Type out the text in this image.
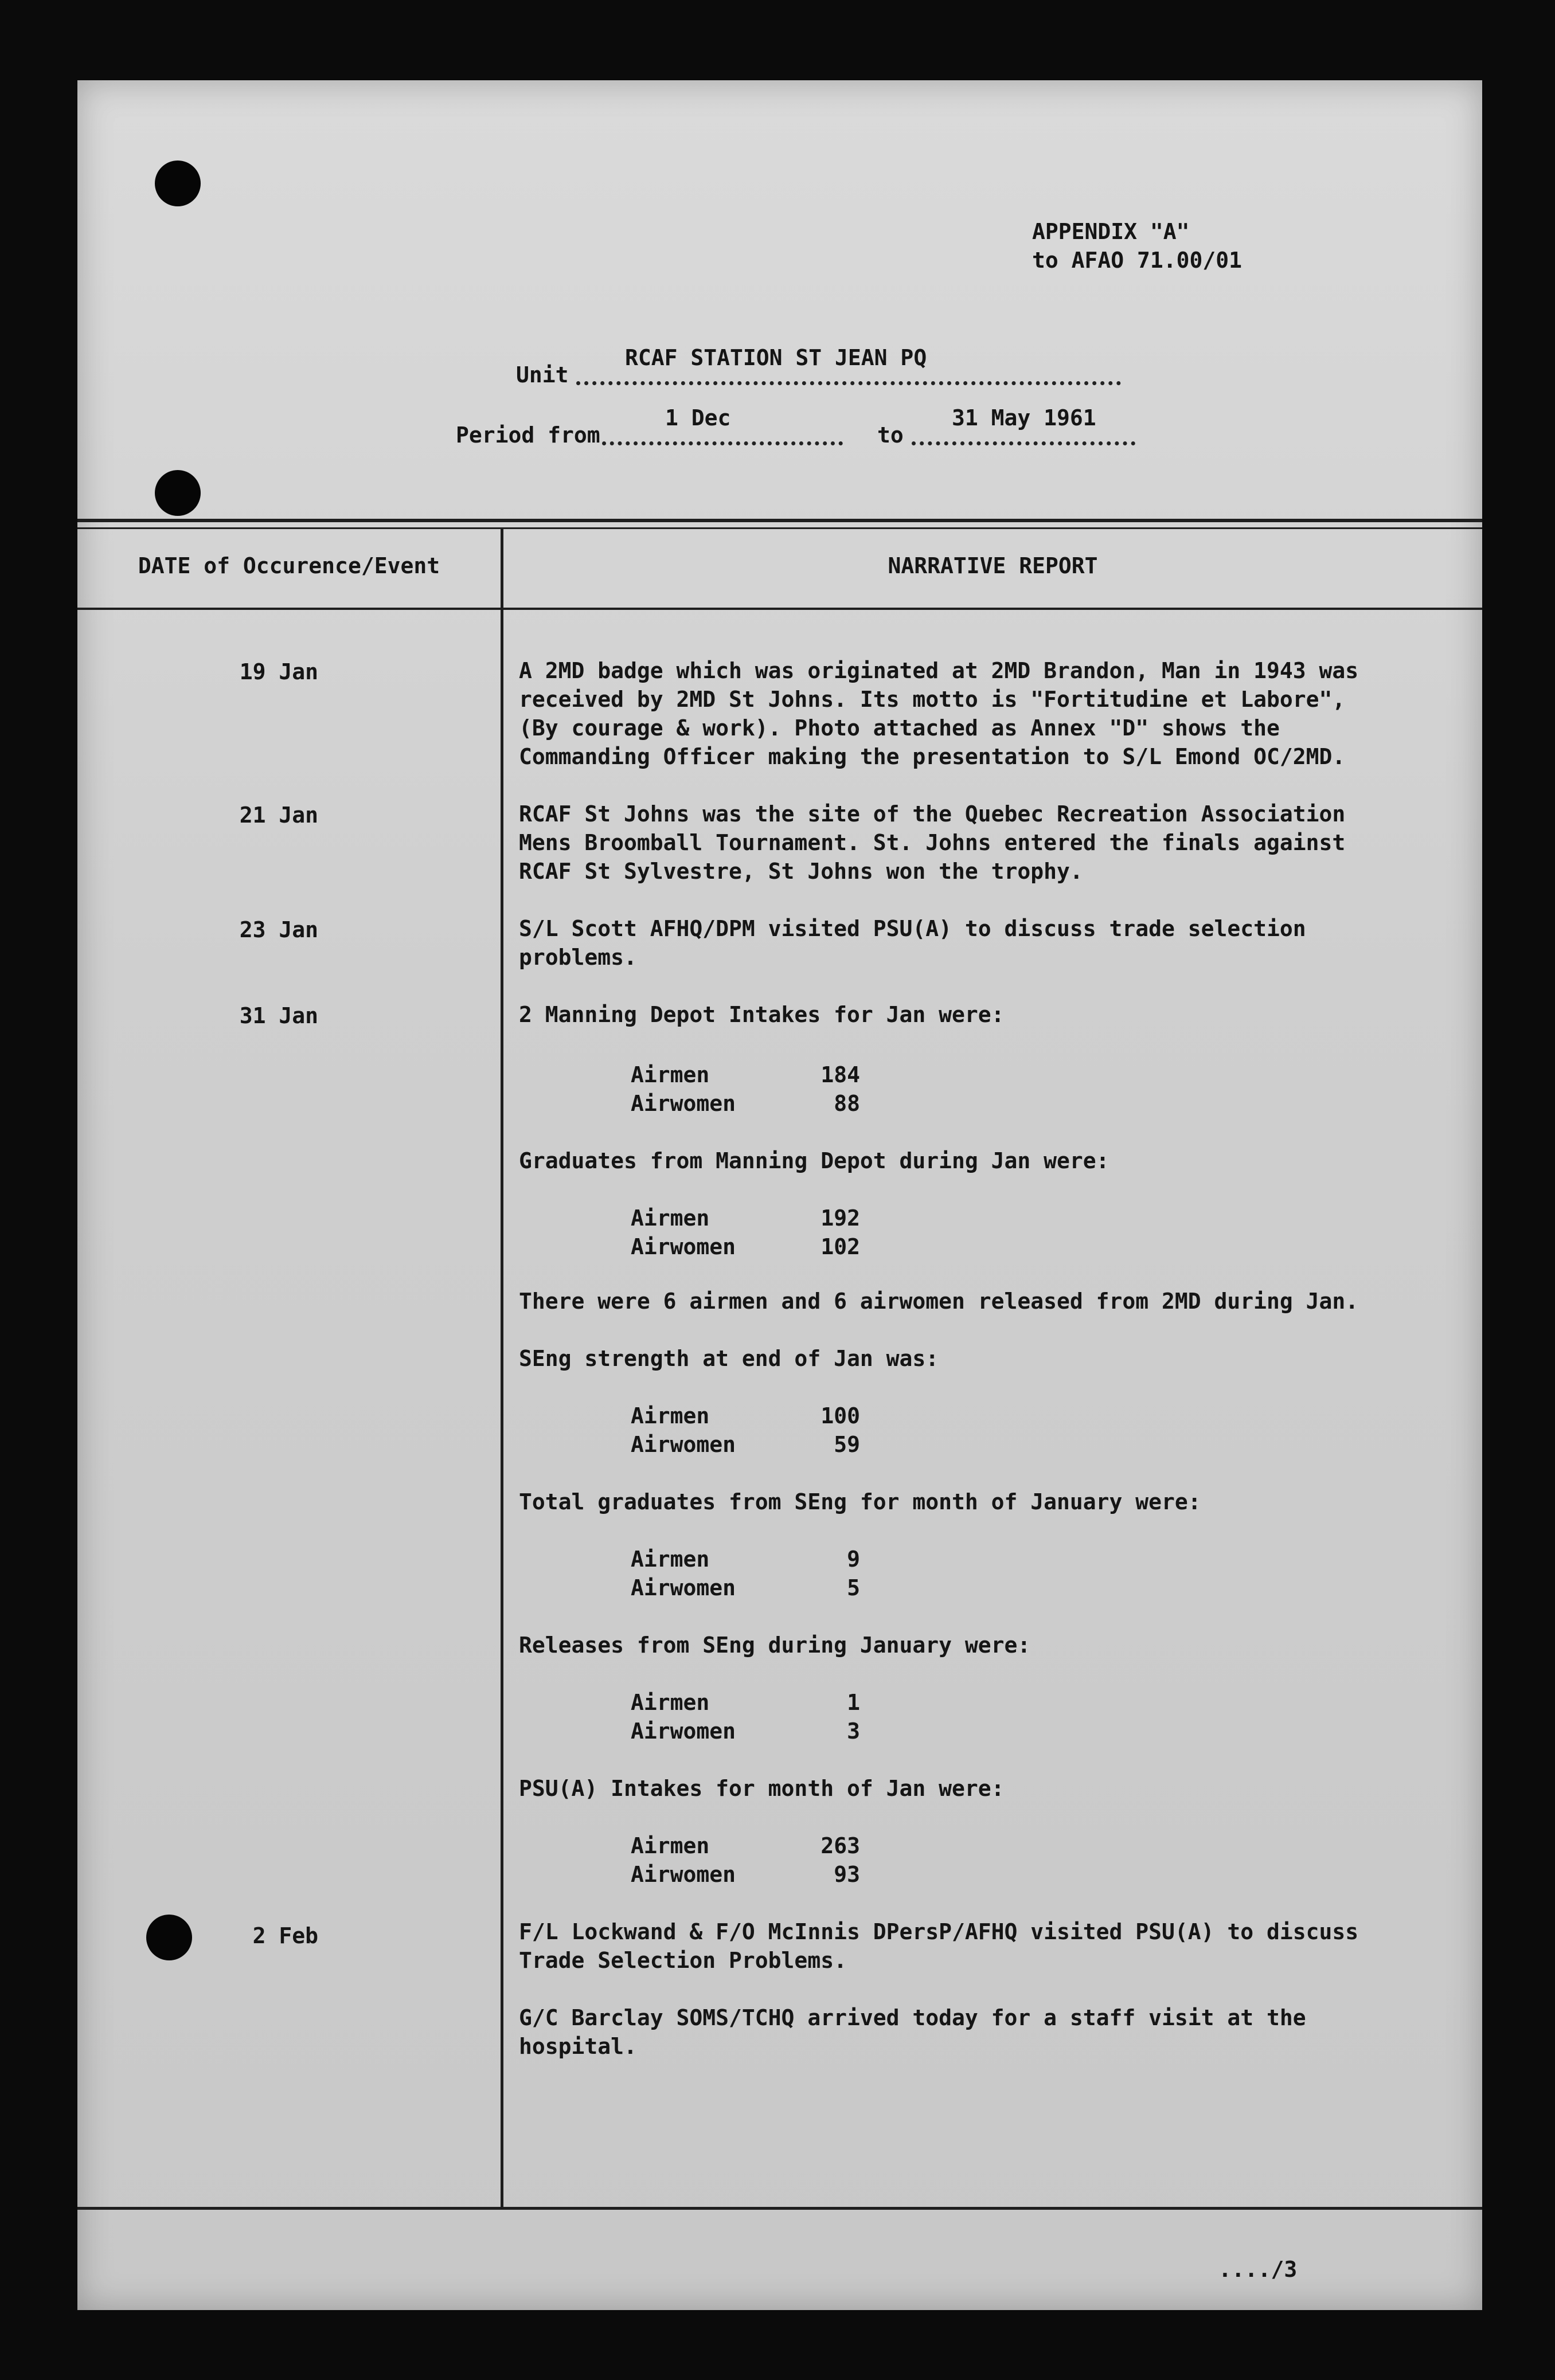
APPENDIX "A"
to AFAO 71.00/01
Unit
RCAF STATION ST JEAN PQ
Period from
1 Dec
to
31 May 1961
DATE of Occurence/Event	NARRATIVE REPORT
19 Jan	A 2MD badge which was originated at 2MD Brandon, Man in 1943 was
received by 2MD St Johns. Its motto is "Fortitudine et Labore",
(By courage & work). Photo attached as Annex "D" shows the
Commanding Officer making the presentation to S/L Emond OC/2MD.
21 Jan	RCAF St Johns was the site of the Quebec Recreation Association
Mens Broomball Tournament. St. Johns entered the finals against
RCAF St Sylvestre, St Johns won the trophy.
23 Jan	S/L Scott AFHQ/DPM visited PSU(A) to discuss trade selection
problems.
31 Jan	2 Manning Depot Intakes for Jan were:
Airmen	184
Airwomen	88
Graduates from Manning Depot during Jan were:
Airmen	192
Airwomen	102
There were 6 airmen and 6 airwomen released from 2MD during Jan.
SEng strength at end of Jan was:
Airmen	100
Airwomen	59
Total graduates from SEng for month of January were:
Airmen	9
Airwomen	5
Releases from SEng during January were:
Airmen	1
Airwomen	3
PSU(A) Intakes for month of Jan were:
Airmen	263
Airwomen	93
2 Feb	F/L Lockwand & F/O McInnis DPersP/AFHQ visited PSU(A) to discuss
Trade Selection Problems.
G/C Barclay SOMS/TCHQ arrived today for a staff visit at the
hospital.
..../3
